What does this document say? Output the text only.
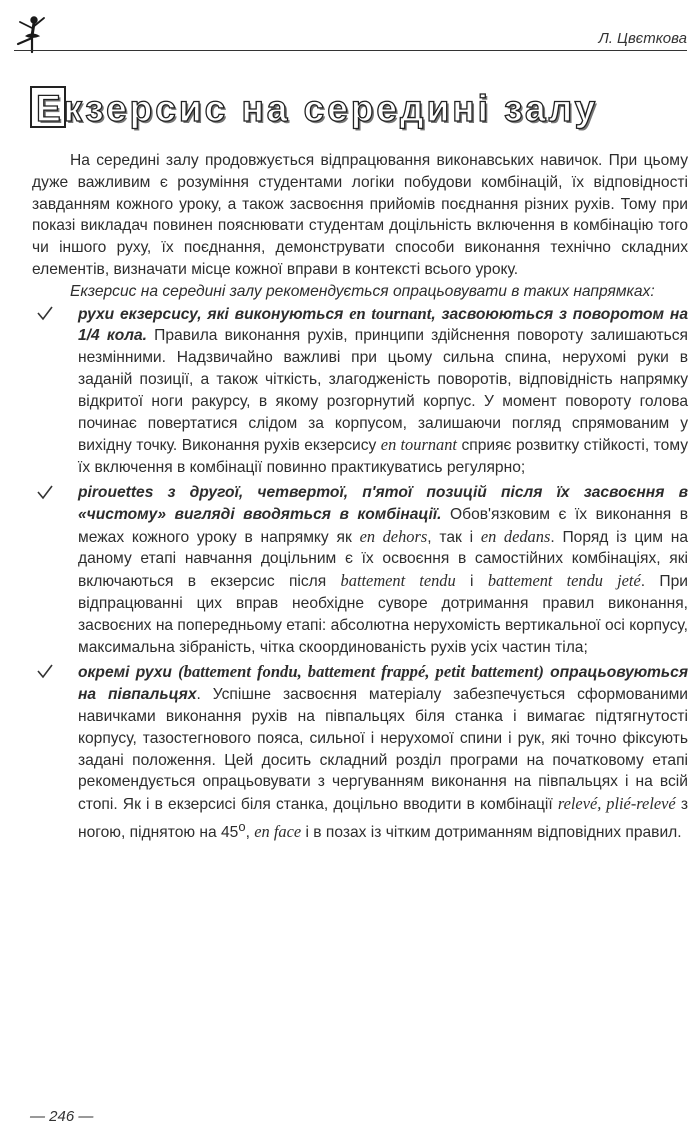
Л. Цвєткова
Екзерсис на середині залу

На середині залу продовжується відпрацювання виконавських навичок. При цьому дуже важливим є розуміння студентами логіки побудови комбінацій, їх відповідності завданням кожного уроку, а також засвоєння прийомів поєднання різних рухів. Тому при показі викладач повинен пояснювати студентам доцільність включення в комбінацію того чи іншого руху, їх поєднання, демонструвати способи виконання технічно складних елементів, визначати місце кожної вправи в контексті всього уроку.

Екзерсис на середині залу рекомендується опрацьовувати в таких напрямках:

рухи екзерсису, які виконуються en tournant, засвоюються з поворотом на 1/4 кола. Правила виконання рухів, принципи здійснення повороту залишаються незмінними. Надзвичайно важливі при цьому сильна спина, нерухомі руки в заданій позиції, а також чіткість, злагодженість поворотів, відповідність напрямку відкритої ноги ракурсу, в якому розгорнутий корпус. У момент повороту голова починає повертатися слідом за корпусом, залишаючи погляд спрямованим у вихідну точку. Виконання рухів екзерсису en tournant сприяє розвитку стійкості, тому їх включення в комбінації повинно практикуватись регулярно;
pirouettes з другої, четвертої, п'ятої позицій після їх засвоєння в «чистому» вигляді вводяться в комбінації. Обов'язковим є їх виконання в межах кожного уроку в напрямку як en dehors, так і en dedans. Поряд із цим на даному етапі навчання доцільним є їх освоєння в самостійних комбінаціях, які включаються в екзерсис після battement tendu і battement tendu jeté. При відпрацюванні цих вправ необхідне суворе дотримання правил виконання, засвоєних на попередньому етапі: абсолютна нерухомість вертикальної осі корпусу, максимальна зібраність, чітка скоординованість рухів усіх частин тіла;
окремі рухи (battement fondu, battement frappé, petit battement) опрацьовуються на півпальцях. Успішне засвоєння матеріалу забезпечується сформованими навичками виконання рухів на півпальцях біля станка і вимагає підтягнутості корпусу, тазостегнового пояса, сильної і нерухомої спини і рук, які точно фіксують задані положення. Цей досить складний розділ програми на початковому етапі рекомендується опрацьовувати з чергуванням виконання на півпальцях і на всій стопі. Як і в екзерсисі біля станка, доцільно вводити в комбінації relevé, plié-relevé з ногою, піднятою на $45^о$, en face і в позах із чітким дотриманням відповідних правил.
— 246 —
